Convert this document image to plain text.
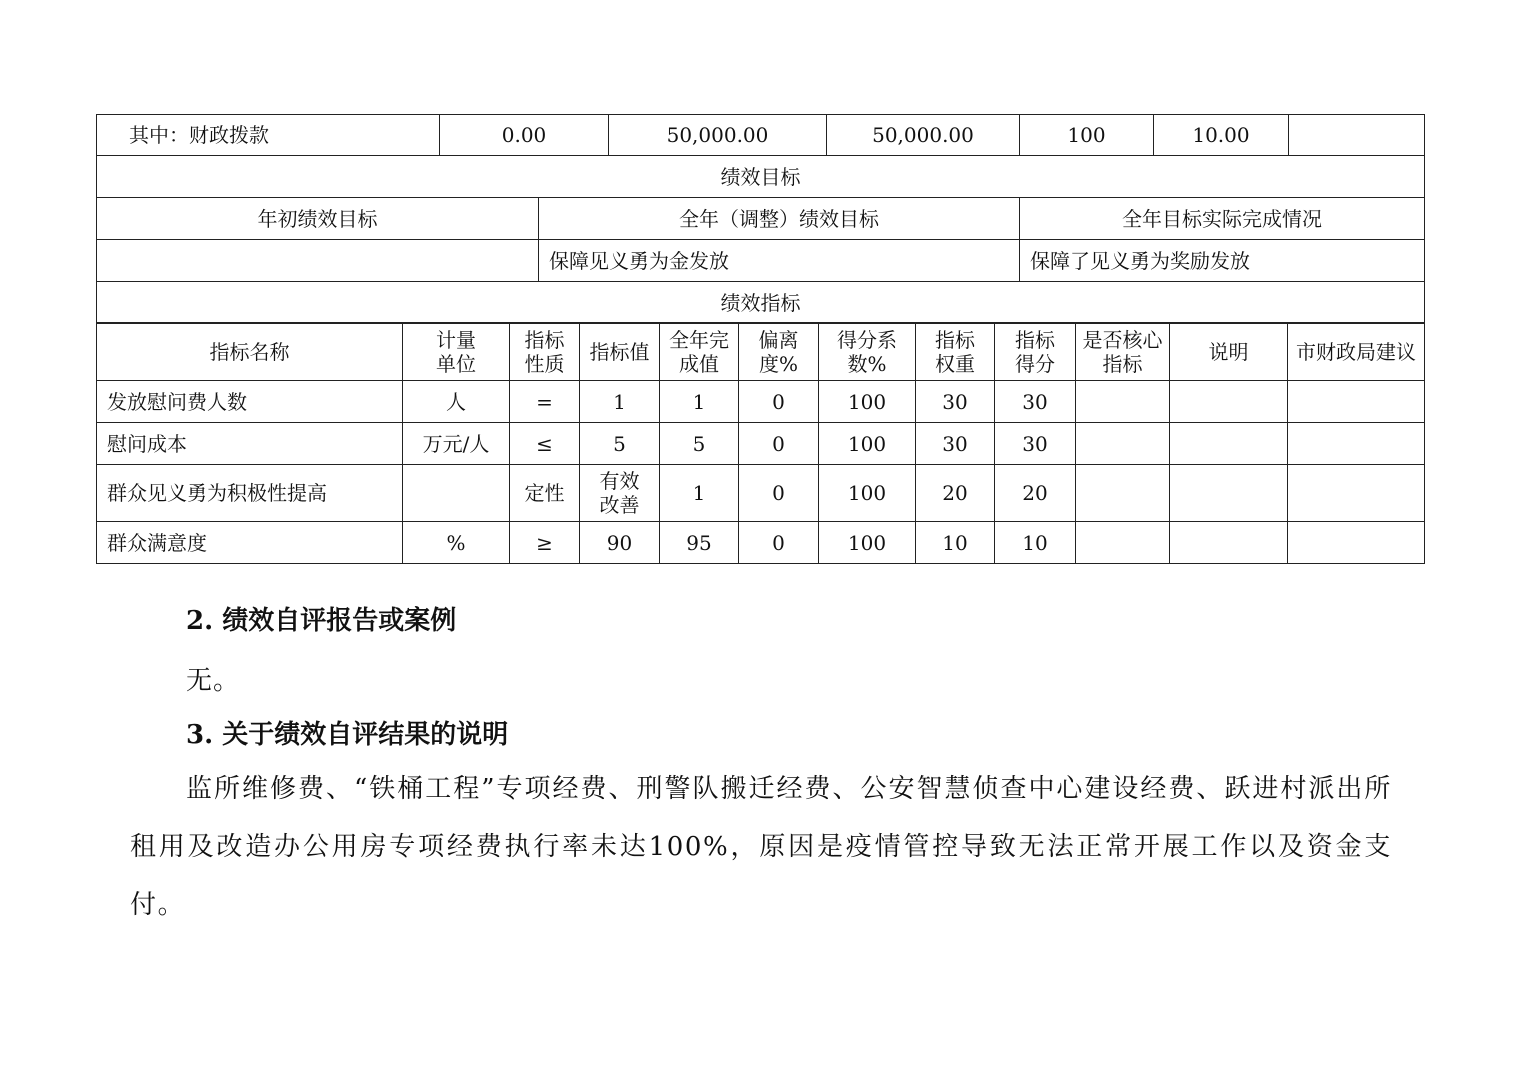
其中：财政拨款	0.00		50,000.00	50,000.00	100	10.00	
绩效目标							
年初绩效目标		全年（调整）绩效目标			全年目标实际完成情况		
		保障见义勇为金发放			保障了见义勇为奖励发放		
绩效指标							
指标名称	计量单位	指标性质	指标值	全年完成值	偏离度%	得分系数%	指标权重	指标得分	是否核心指标	说明	市财政局建议
发放慰问费人数	人	=	1	1	0	100	30	30			
慰问成本	万元/人	≤	5	5	0	100	30	30			
群众见义勇为积极性提高		定性	有效改善	1	0	100	20	20			
群众满意度	%	≥	90	95	0	100	10	10			
2. 绩效自评报告或案例
无。
3. 关于绩效自评结果的说明
监所维修费、“铁桶工程”专项经费、刑警队搬迁经费、公安智慧侦查中心建设经费、跃进村派出所租用及改造办公用房专项经费执行率未达100%，原因是疫情管控导致无法正常开展工作以及资金支付。
